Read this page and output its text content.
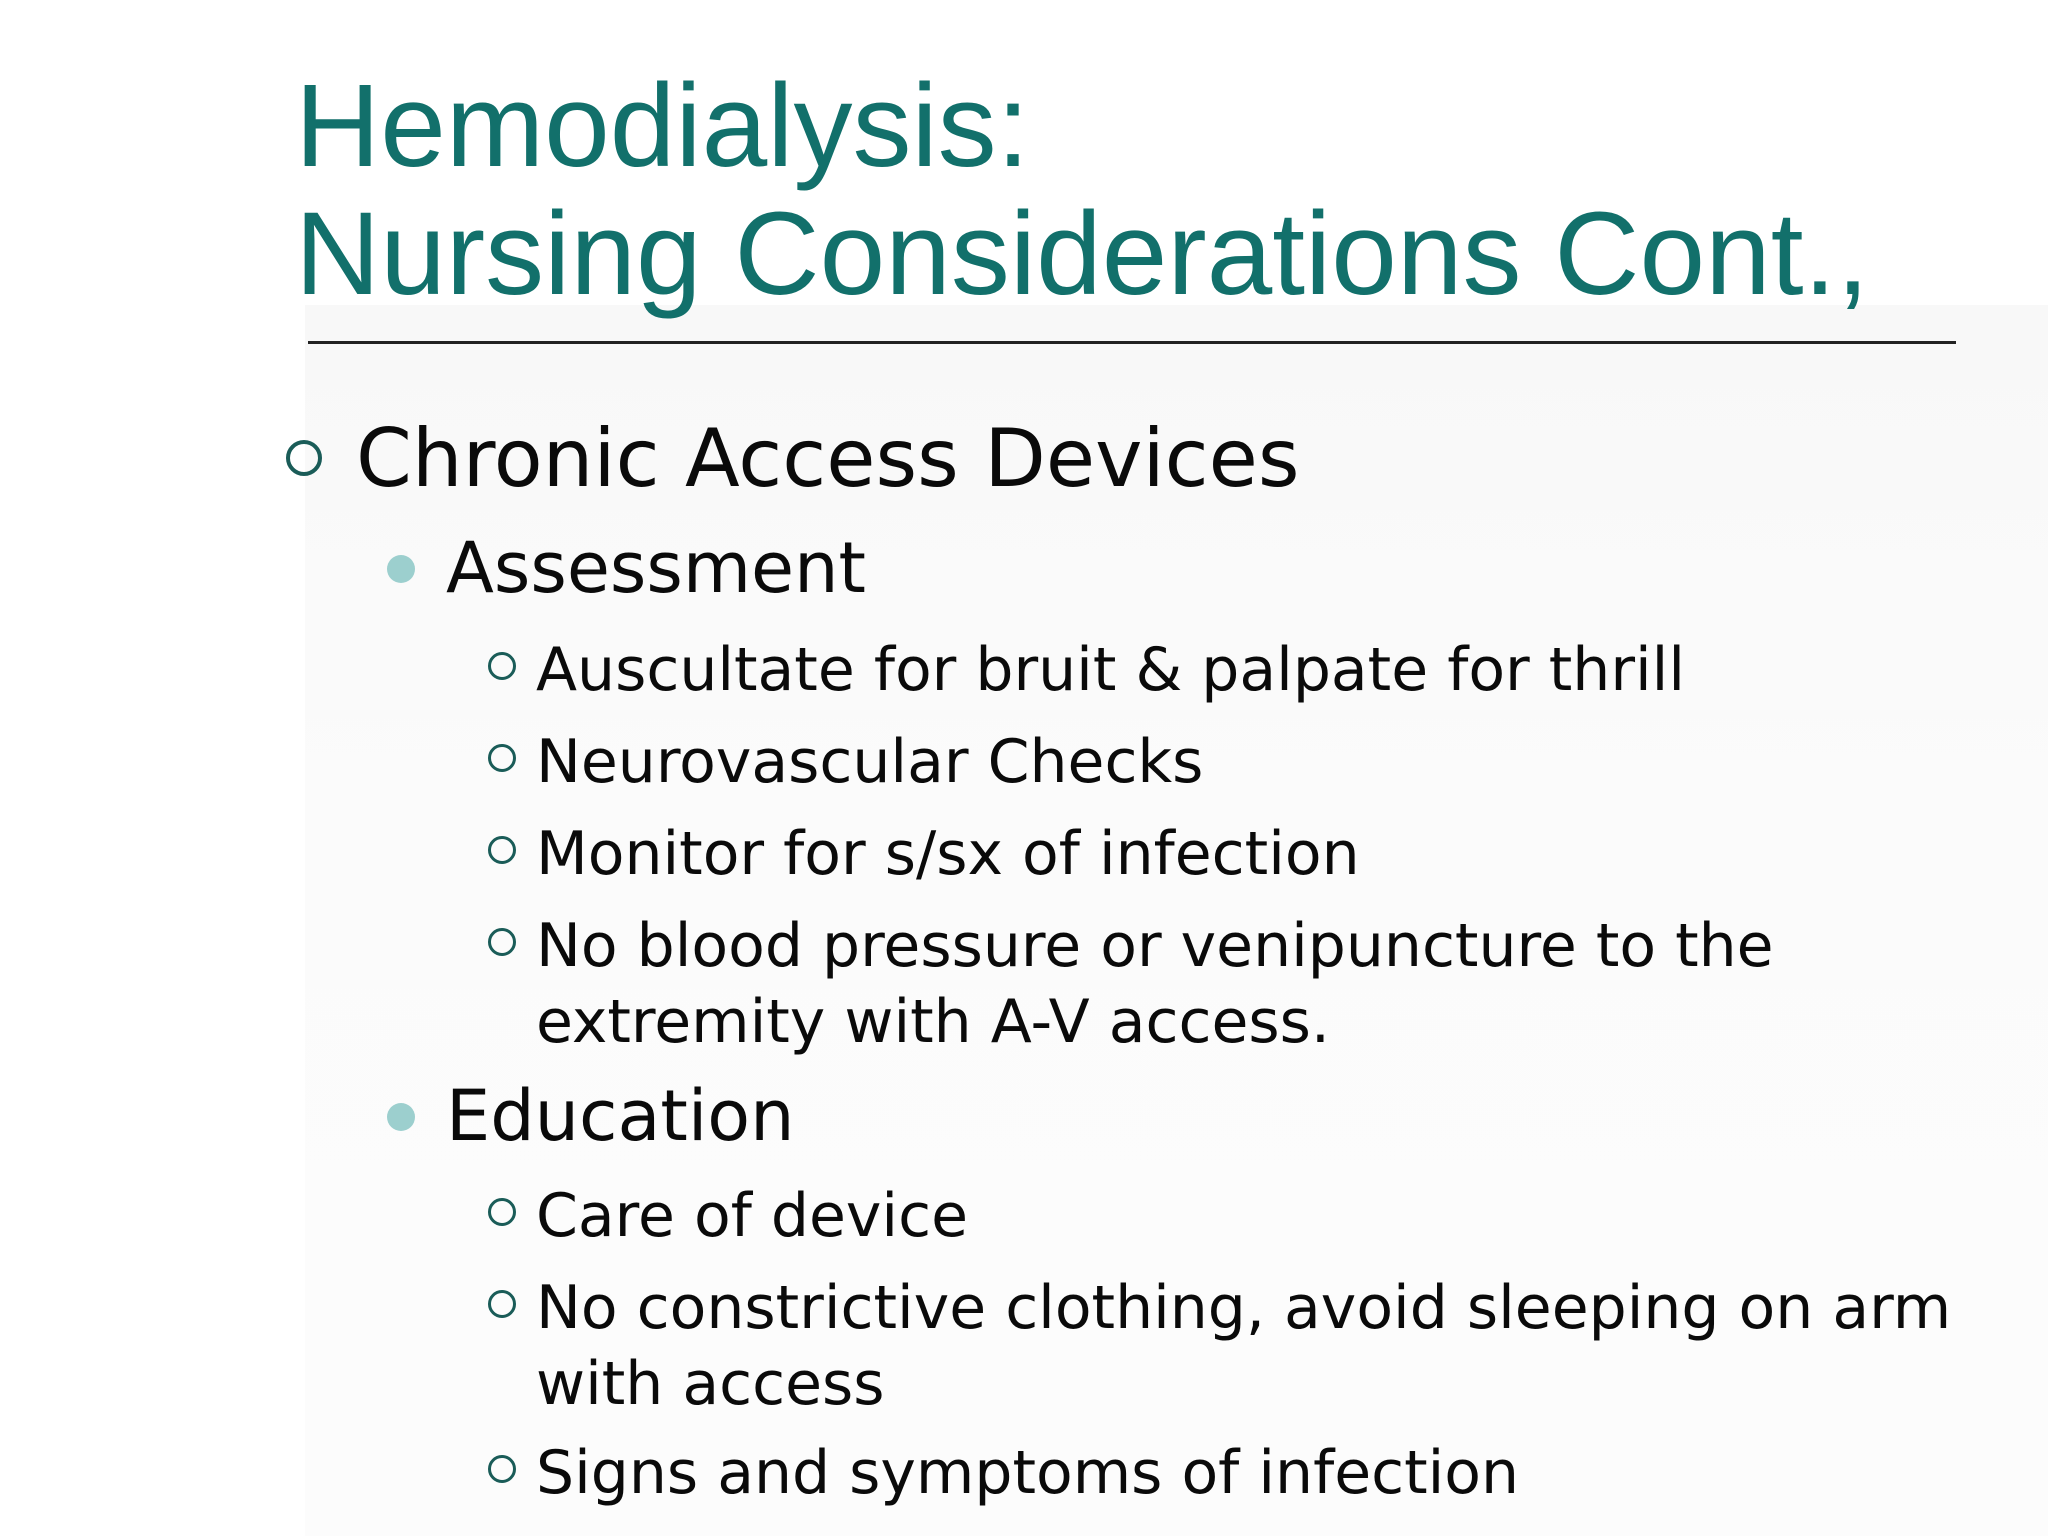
Hemodialysis:
Nursing Considerations Cont.,
Chronic Access Devices
Assessment
Auscultate for bruit & palpate for thrill
Neurovascular Checks
Monitor for s/sx of infection
No blood pressure or venipuncture to the
extremity with A-V access.
Education
Care of device
No constrictive clothing, avoid sleeping on arm
with access
Signs and symptoms of infection
